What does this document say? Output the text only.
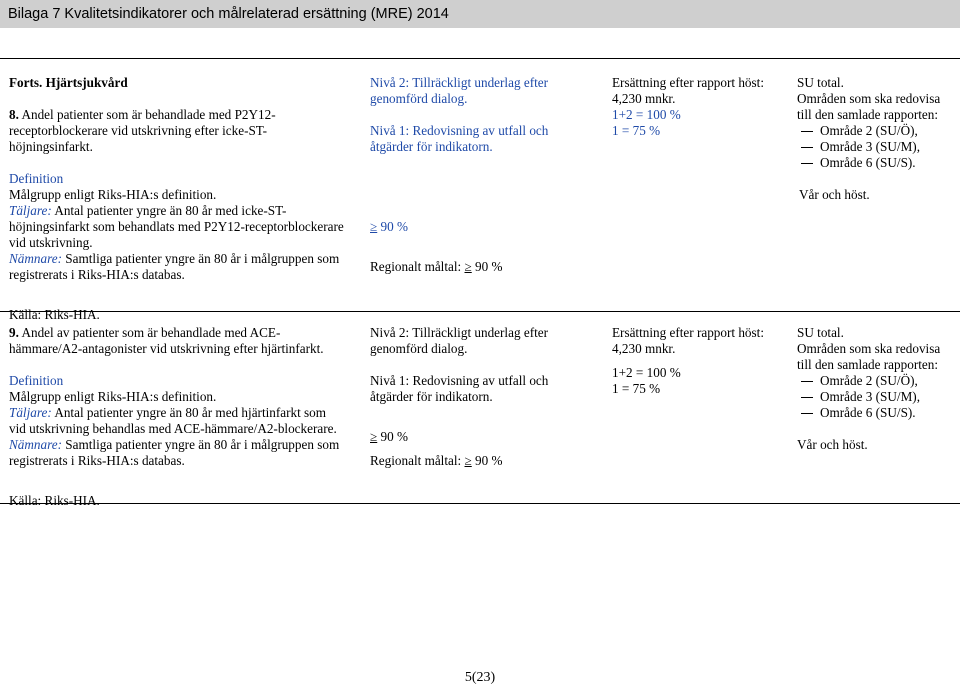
Bilaga 7 Kvalitetsindikatorer och målrelaterad ersättning (MRE) 2014
Forts. Hjärtsjukvård
8. Andel patienter som är behandlade med P2Y12-
receptorblockerare vid utskrivning efter icke-ST-
höjningsinfarkt.
Definition
Målgrupp enligt Riks-HIA:s definition.
Täljare: Antal patienter yngre än 80 år med icke-ST-
höjningsinfarkt som behandlats med P2Y12-receptorblockerare
vid utskrivning.
Nämnare: Samtliga patienter yngre än 80 år i målgruppen som
registrerats i Riks-HIA:s databas.
Källa: Riks-HIA.
Nivå 2: Tillräckligt underlag efter
genomförd dialog.
Nivå 1: Redovisning av utfall och
åtgärder för indikatorn.
≥ 90 %
Regionalt måltal: ≥ 90 %
Ersättning efter rapport höst:
4,230 mnkr.
1+2 = 100 %
1 = 75 %
SU total.
Områden som ska redovisa
till den samlade rapporten:
Område 2 (SU/Ö),
Område 3 (SU/M),
Område 6 (SU/S).
Vår och höst.
9. Andel av patienter som är behandlade med ACE-
hämmare/A2-antagonister vid utskrivning efter hjärtinfarkt.
Definition
Målgrupp enligt Riks-HIA:s definition.
Täljare: Antal patienter yngre än 80 år med hjärtinfarkt som
vid utskrivning behandlas med ACE-hämmare/A2-blockerare.
Nämnare: Samtliga patienter yngre än 80 år i målgruppen som
registrerats i Riks-HIA:s databas.
Källa: Riks-HIA.
Nivå 2: Tillräckligt underlag efter
genomförd dialog.
Nivå 1: Redovisning av utfall och
åtgärder för indikatorn.
≥ 90 %
Regionalt måltal: ≥ 90 %
Ersättning efter rapport höst:
4,230 mnkr.
1+2 = 100 %
1 = 75 %
SU total.
Områden som ska redovisa
till den samlade rapporten:
Område 2 (SU/Ö),
Område 3 (SU/M),
Område 6 (SU/S).
Vår och höst.
5(23)
